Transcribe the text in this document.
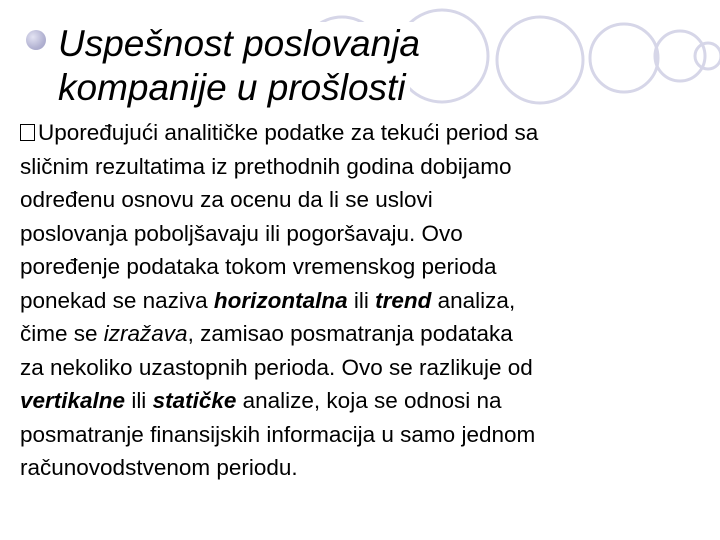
Uspešnost poslovanja
kompanije u prošlosti
Upoređujući analitičke podatke za tekući period sa
sličnim rezultatima iz prethodnih godina dobijamo
određenu osnovu za ocenu da li se uslovi
poslovanja poboljšavaju ili pogoršavaju. Ovo
poređenje podataka tokom vremenskog perioda
ponekad se naziva horizontalna ili trend analiza,
čime se izražava, zamisao posmatranja podataka
za nekoliko uzastopnih perioda. Ovo se razlikuje od
vertikalne ili statičke analize, koja se odnosi na
posmatranje finansijskih informacija u samo jednom
računovodstvenom periodu.
